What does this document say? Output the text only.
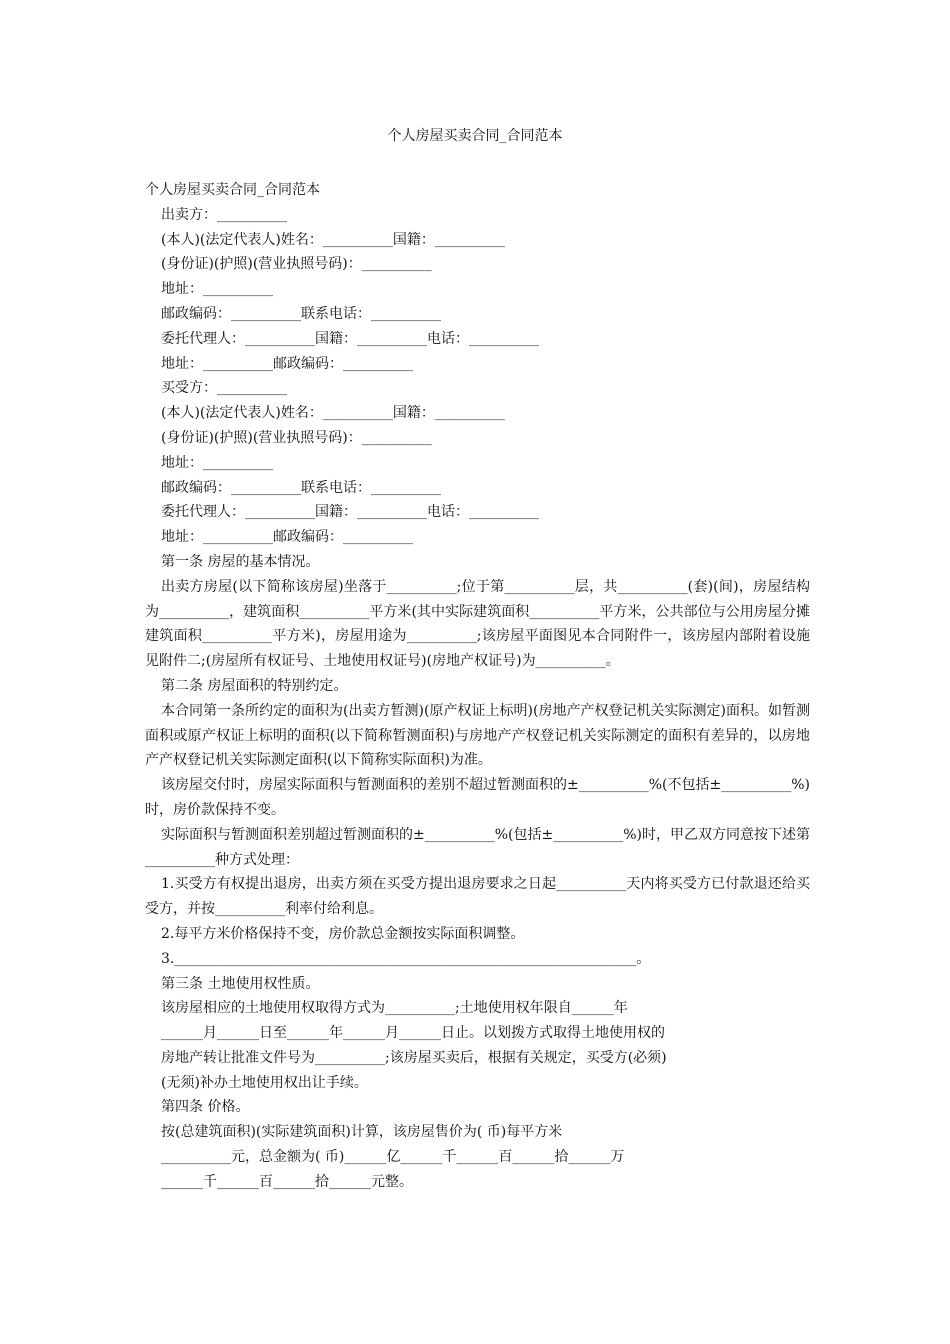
个人房屋买卖合同_合同范本
个人房屋买卖合同_合同范本
出卖方：__________
(本人)(法定代表人)姓名：__________国籍：__________
(身份证)(护照)(营业执照号码)：__________
地址：__________
邮政编码：__________联系电话：__________
委托代理人：__________国籍：__________电话：__________
地址：__________邮政编码：__________
买受方：__________
(本人)(法定代表人)姓名：__________国籍：__________
(身份证)(护照)(营业执照号码)：__________
地址：__________
邮政编码：__________联系电话：__________
委托代理人：__________国籍：__________电话：__________
地址：__________邮政编码：__________
第一条 房屋的基本情况。
出卖方房屋(以下简称该房屋)坐落于__________;位于第__________层，共__________(套)(间)，房屋结构为__________，建筑面积__________平方米(其中实际建筑面积__________平方米，公共部位与公用房屋分摊建筑面积__________平方米)，房屋用途为__________;该房屋平面图见本合同附件一，该房屋内部附着设施见附件二;(房屋所有权证号、土地使用权证号)(房地产权证号)为__________。
第二条 房屋面积的特别约定。
本合同第一条所约定的面积为(出卖方暂测)(原产权证上标明)(房地产产权登记机关实际测定)面积。如暂测面积或原产权证上标明的面积(以下简称暂测面积)与房地产产权登记机关实际测定的面积有差异的，以房地产产权登记机关实际测定面积(以下简称实际面积)为准。
该房屋交付时，房屋实际面积与暂测面积的差别不超过暂测面积的±__________%(不包括±__________%)时，房价款保持不变。
实际面积与暂测面积差别超过暂测面积的±__________%(包括±__________%)时，甲乙双方同意按下述第__________种方式处理：
1.买受方有权提出退房，出卖方须在买受方提出退房要求之日起__________天内将买受方已付款退还给买受方，并按__________利率付给利息。
2.每平方米价格保持不变，房价款总金额按实际面积调整。
3.__________________________________________________________________。
第三条 土地使用权性质。
该房屋相应的土地使用权取得方式为__________;土地使用权年限自______年
______月______日至______年______月______日止。以划拨方式取得土地使用权的
房地产转让批准文件号为__________;该房屋买卖后，根据有关规定，买受方(必须)
(无须)补办土地使用权出让手续。
第四条 价格。
按(总建筑面积)(实际建筑面积)计算，该房屋售价为( 币)每平方米
__________元，总金额为( 币)______亿______千______百______拾______万
______千______百______拾______元整。
